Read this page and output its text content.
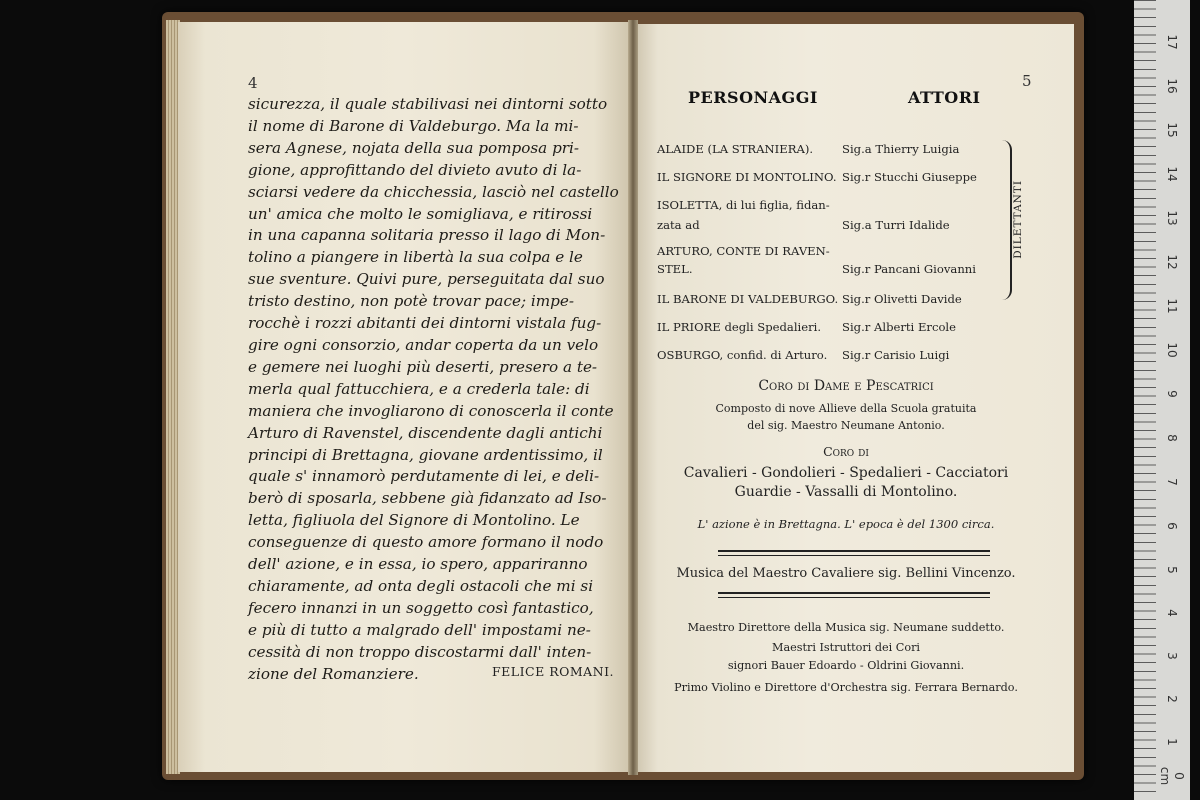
4

sicurezza, il quale stabilivasi nei dintorni sotto
il nome di Barone di Valdeburgo. Ma la mi-
sera Agnese, nojata della sua pomposa pri-
gione, approfittando del divieto avuto di la-
sciarsi vedere da chicchessia, lasciò nel castello
un' amica che molto le somigliava, e ritirossi
in una capanna solitaria presso il lago di Mon-
tolino a piangere in libertà la sua colpa e le
sue sventure. Quivi pure, perseguitata dal suo
tristo destino, non potè trovar pace; impe-
rocchè i rozzi abitanti dei dintorni vistala fug-
gire ogni consorzio, andar coperta da un velo
e gemere nei luoghi più deserti, presero a te-
merla qual fattucchiera, e a crederla tale: di
maniera che invogliarono di conoscerla il conte
Arturo di Ravenstel, discendente dagli antichi
principi di Brettagna, giovane ardentissimo, il
quale s' innamorò perdutamente di lei, e deli-
berò di sposarla, sebbene già fidanzato ad Iso-
letta, figliuola del Signore di Montolino. Le
conseguenze di questo amore formano il nodo
dell' azione, e in essa, io spero, appariranno
chiaramente, ad onta degli ostacoli che mi si
fecero innanzi in un soggetto così fantastico,
e più di tutto a malgrado dell' impostami ne-
cessità di non troppo discostarmi dall' inten-
zione del Romanziere.	FELICE ROMANI.
5
PERSONAGGI	ATTORI
ALAIDE (LA STRANIERA). Sig.a Thierry Luigia
IL SIGNORE DI MONTOLINO. Sig.r Stucchi Giuseppe
ISOLETTA, di lui figlia, fidan-
zata ad	Sig.a Turri Idalide
ARTURO, CONTE DI RAVEN-
STEL.	Sig.r Pancani Giovanni
IL BARONE DI VALDEBURGO. Sig.r Olivetti Davide
IL PRIORE degli Spedalieri. Sig.r Alberti Ercole
OSBURGO, confid. di Arturo. Sig.r Carisio Luigi
DILETTANTI
Coro di Dame e Pescatrici
Composto di nove Allieve della Scuola gratuita
del sig. Maestro Neumane Antonio.
Coro di
Cavalieri - Gondolieri - Spedalieri - Cacciatori
Guardie - Vassalli di Montolino.
L' azione è in Brettagna. L' epoca è del 1300 circa.
Musica del Maestro Cavaliere sig. Bellini Vincenzo.
Maestro Direttore della Musica sig. Neumane suddetto.
Maestri Istruttori dei Cori
signori Bauer Edoardo - Oldrini Giovanni.
Primo Violino e Direttore d'Orchestra sig. Ferrara Bernardo.
0 cm
1
2
3
4
5
6
7
8
9
10
11
12
13
14
15
16
17
